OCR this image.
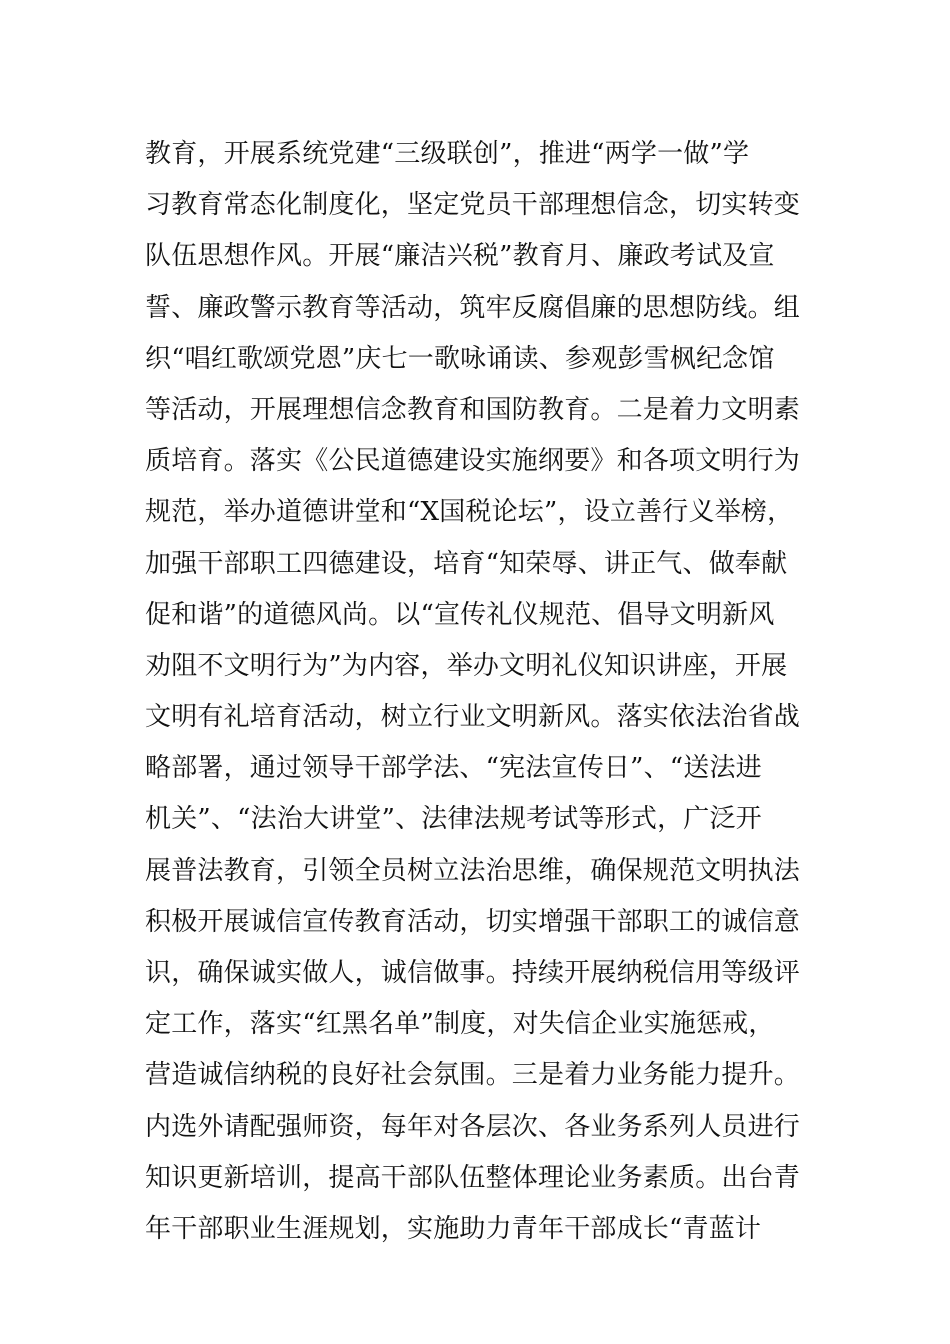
教育，开展系统党建“三级联创”，推进“两学一做”学
习教育常态化制度化，坚定党员干部理想信念，切实转变
队伍思想作风。开展“廉洁兴税”教育月、廉政考试及宣
誓、廉政警示教育等活动，筑牢反腐倡廉的思想防线。组
织“唱红歌颂党恩”庆七一歌咏诵读、参观彭雪枫纪念馆
等活动，开展理想信念教育和国防教育。二是着力文明素
质培育。落实《公民道德建设实施纲要》和各项文明行为
规范，举办道德讲堂和“X国税论坛”，设立善行义举榜，
加强干部职工四德建设，培育“知荣辱、讲正气、做奉献
促和谐”的道德风尚。以“宣传礼仪规范、倡导文明新风
劝阻不文明行为”为内容，举办文明礼仪知识讲座，开展
文明有礼培育活动，树立行业文明新风。落实依法治省战
略部署，通过领导干部学法、“宪法宣传日”、“送法进
机关”、“法治大讲堂”、法律法规考试等形式，广泛开
展普法教育，引领全员树立法治思维，确保规范文明执法
积极开展诚信宣传教育活动，切实增强干部职工的诚信意
识，确保诚实做人，诚信做事。持续开展纳税信用等级评
定工作，落实“红黑名单”制度，对失信企业实施惩戒，
营造诚信纳税的良好社会氛围。三是着力业务能力提升。
内选外请配强师资，每年对各层次、各业务系列人员进行
知识更新培训，提高干部队伍整体理论业务素质。出台青
年干部职业生涯规划，实施助力青年干部成长“青蓝计
